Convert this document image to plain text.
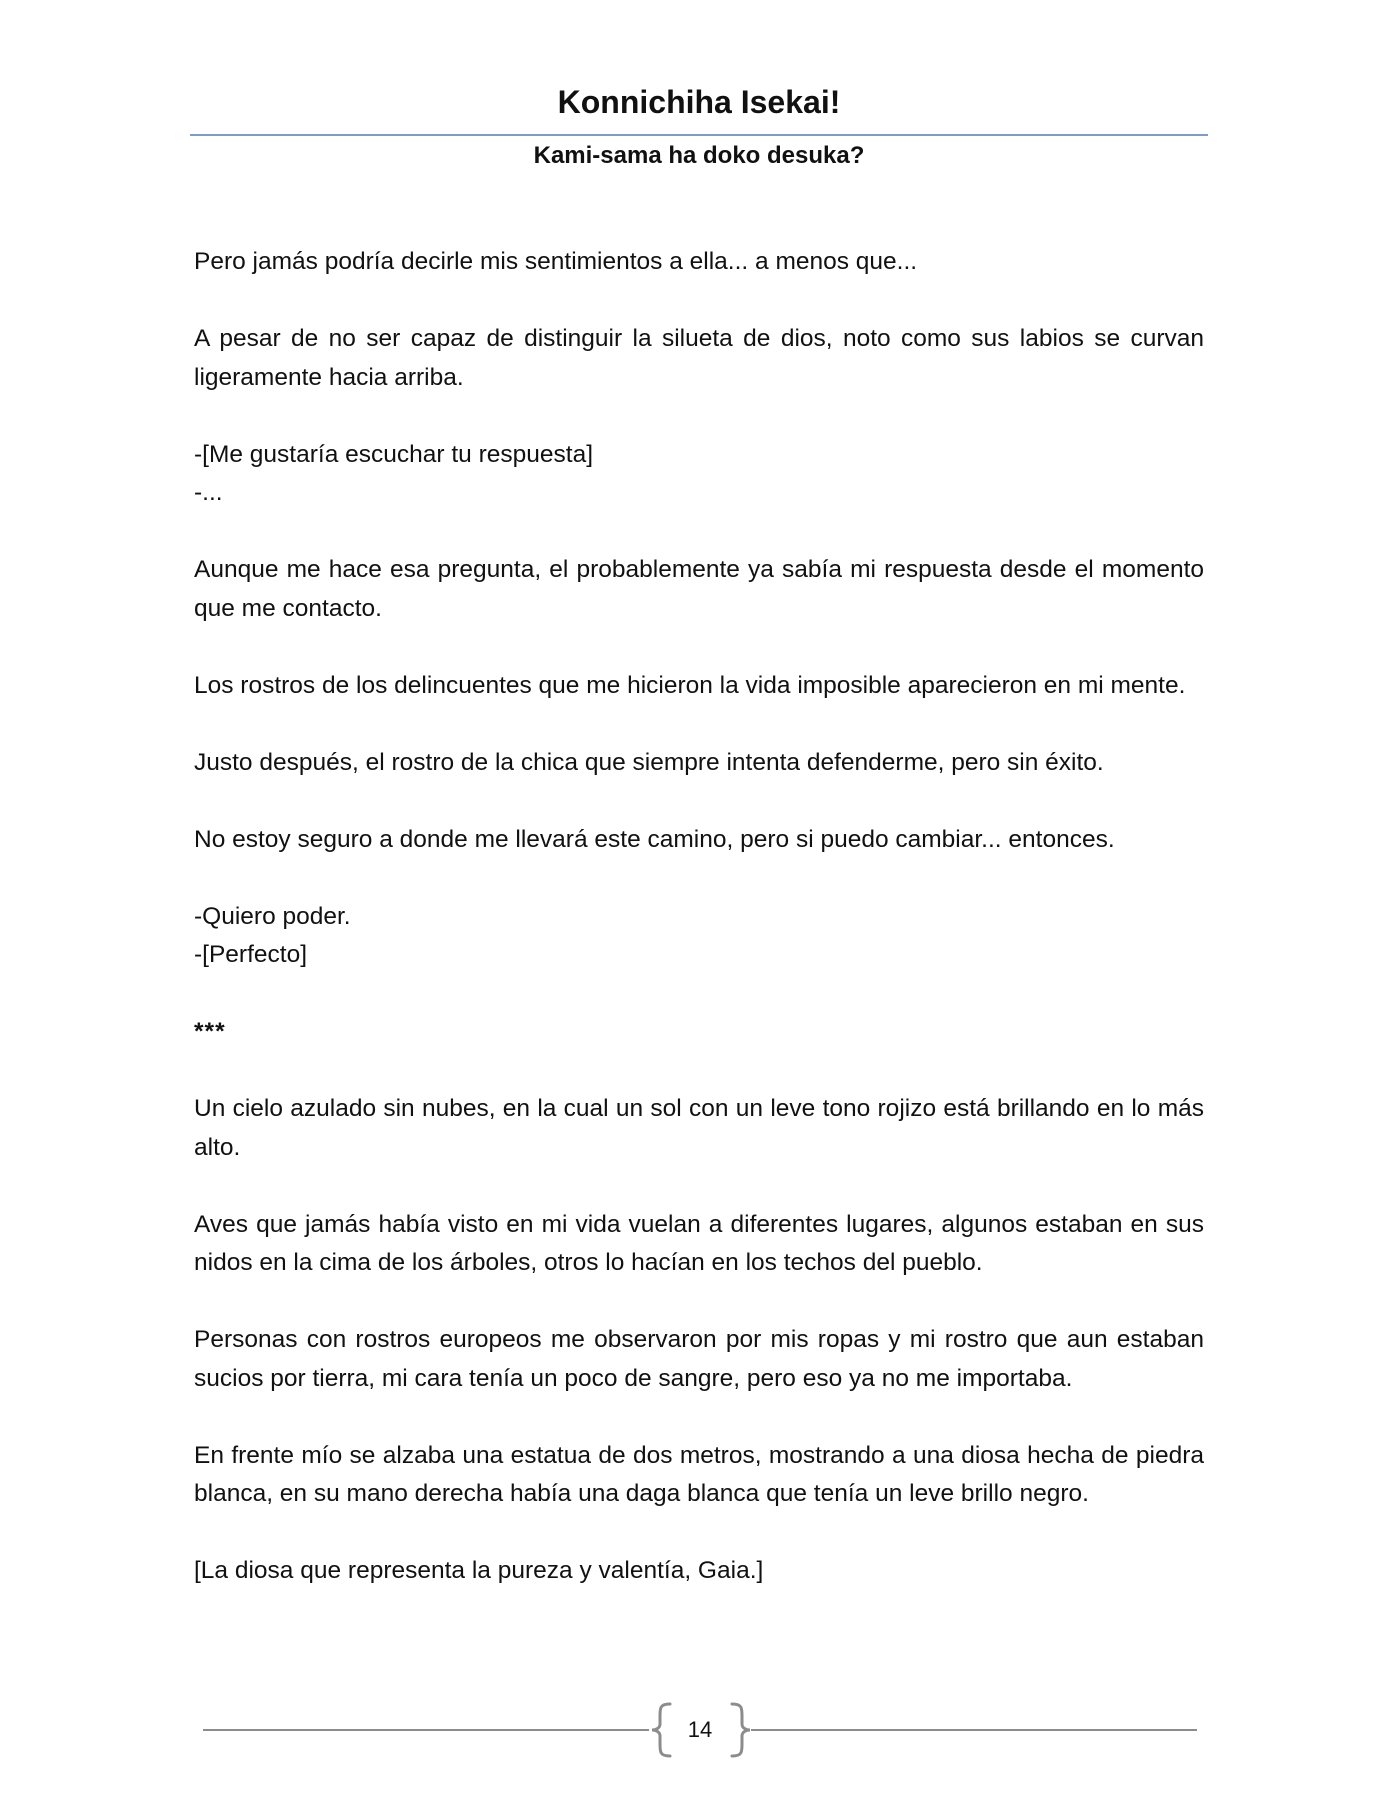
Konnichiha Isekai!
Kami-sama ha doko desuka?

Pero jamás podría decirle mis sentimientos a ella... a menos que...

A pesar de no ser capaz de distinguir la silueta de dios, noto como sus labios se curvan ligeramente hacia arriba.

-[Me gustaría escuchar tu respuesta]

-...

Aunque me hace esa pregunta, el probablemente ya sabía mi respuesta desde el momento que me contacto.

Los rostros de los delincuentes que me hicieron la vida imposible aparecieron en mi mente.

Justo después, el rostro de la chica que siempre intenta defenderme, pero sin éxito.

No estoy seguro a donde me llevará este camino, pero si puedo cambiar... entonces.

-Quiero poder.

-[Perfecto]

***

Un cielo azulado sin nubes, en la cual un sol con un leve tono rojizo está brillando en lo más alto.

Aves que jamás había visto en mi vida vuelan a diferentes lugares, algunos estaban en sus nidos en la cima de los árboles, otros lo hacían en los techos del pueblo.

Personas con rostros europeos me observaron por mis ropas y mi rostro que aun estaban sucios por tierra, mi cara tenía un poco de sangre, pero eso ya no me importaba.

En frente mío se alzaba una estatua de dos metros, mostrando a una diosa hecha de piedra blanca, en su mano derecha había una daga blanca que tenía un leve brillo negro.

[La diosa que representa la pureza y valentía, Gaia.]

14
